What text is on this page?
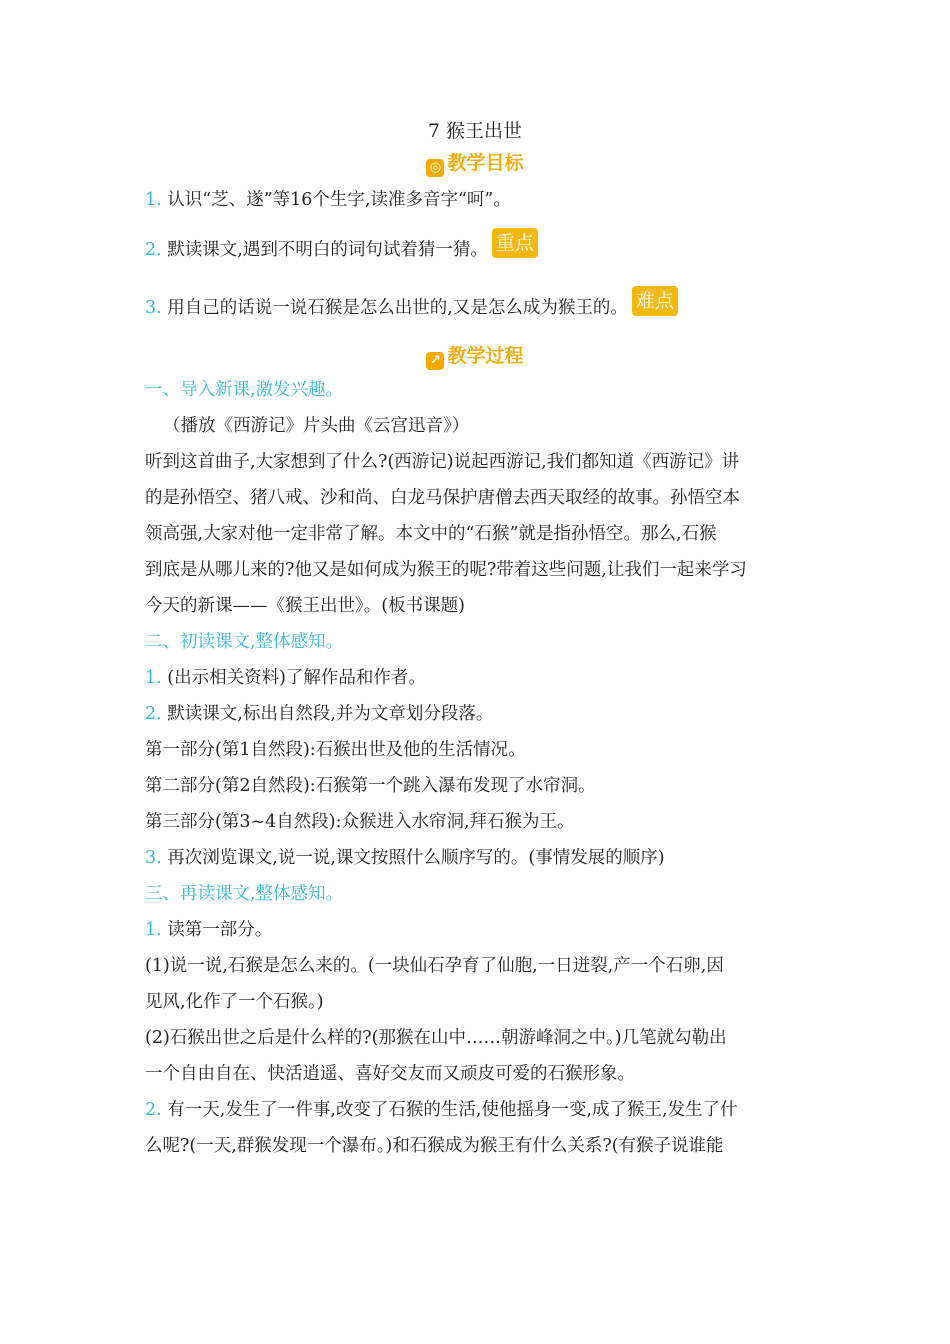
7 猴王出世
◎ 教学目标
1. 认识“芝、遂”等16个生字,读准多音字“呵”。
2. 默读课文,遇到不明白的词句试着猜一猜。 重点
3. 用自己的话说一说石猴是怎么出世的,又是怎么成为猴王的。 难点
↗ 教学过程
一、导入新课,激发兴趣。
（播放《西游记》片头曲《云宫迅音》）
听到这首曲子,大家想到了什么?(西游记)说起西游记,我们都知道《西游记》讲
的是孙悟空、猪八戒、沙和尚、白龙马保护唐僧去西天取经的故事。孙悟空本
领高强,大家对他一定非常了解。本文中的“石猴”就是指孙悟空。那么,石猴
到底是从哪儿来的?他又是如何成为猴王的呢?带着这些问题,让我们一起来学习
今天的新课——《猴王出世》。(板书课题)
二、初读课文,整体感知。
1. (出示相关资料)了解作品和作者。
2. 默读课文,标出自然段,并为文章划分段落。
第一部分(第1自然段):石猴出世及他的生活情况。
第二部分(第2自然段):石猴第一个跳入瀑布发现了水帘洞。
第三部分(第3~4自然段):众猴进入水帘洞,拜石猴为王。
3. 再次浏览课文,说一说,课文按照什么顺序写的。(事情发展的顺序)
三、再读课文,整体感知。
1. 读第一部分。
(1)说一说,石猴是怎么来的。(一块仙石孕育了仙胞,一日迸裂,产一个石卵,因
见风,化作了一个石猴。)
(2)石猴出世之后是什么样的?(那猴在山中……朝游峰洞之中。)几笔就勾勒出
一个自由自在、快活逍遥、喜好交友而又顽皮可爱的石猴形象。
2. 有一天,发生了一件事,改变了石猴的生活,使他摇身一变,成了猴王,发生了什
么呢?(一天,群猴发现一个瀑布。)和石猴成为猴王有什么关系?(有猴子说谁能
